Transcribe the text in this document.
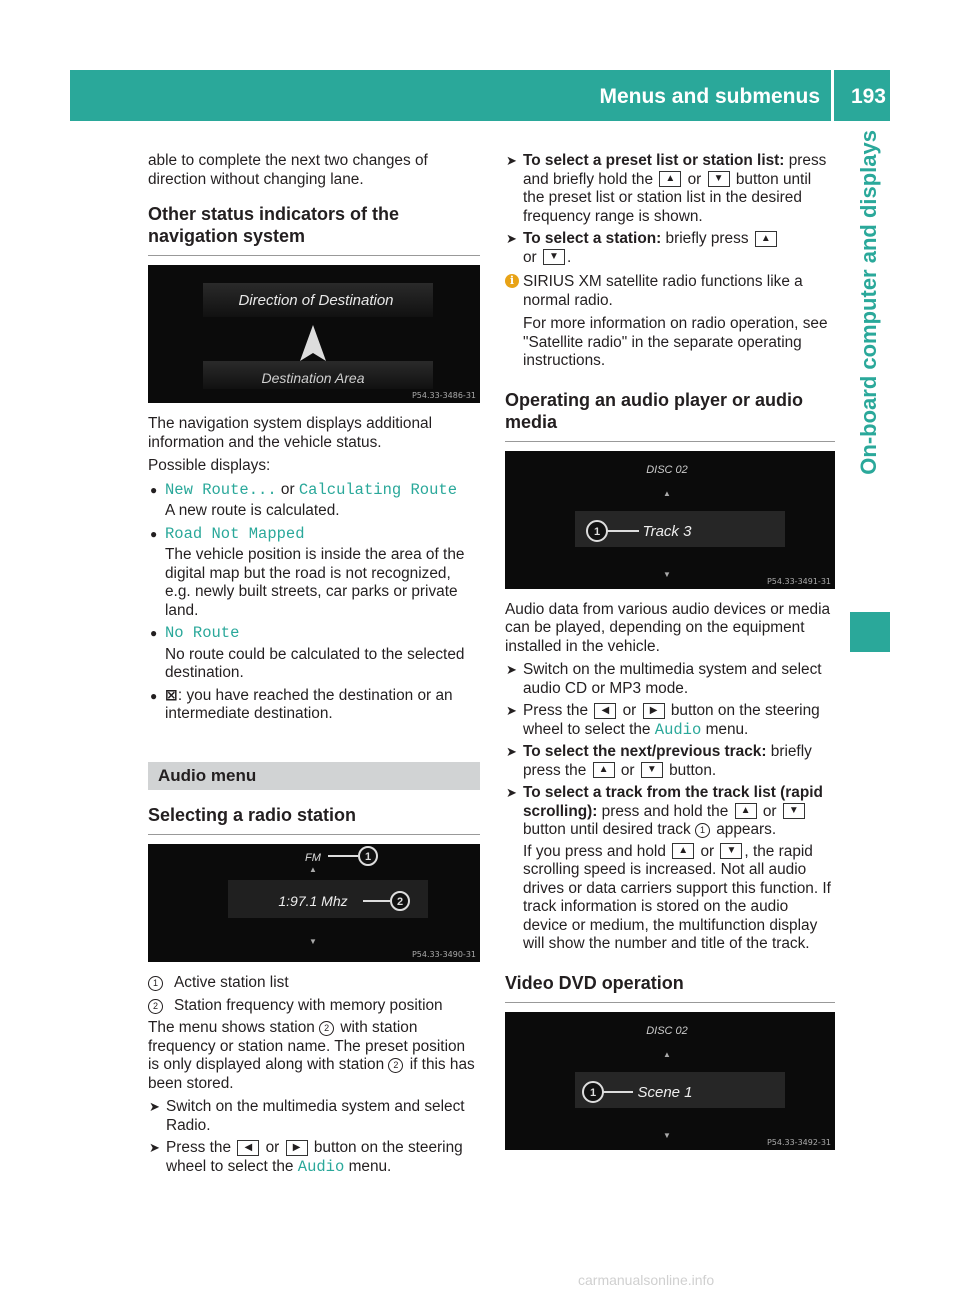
Menus and submenus 193
On-board computer and displays

able to complete the next two changes of direction without changing lane.

Other status indicators of the navigation system
Direction of Destination
Destination Area
P54.33-3486-31

The navigation system displays additional information and the vehicle status.

Possible displays:

● New Route... or Calculating Route
A new route is calculated.
● Road Not Mapped
The vehicle position is inside the area of the digital map but the road is not recognized, e.g. newly built streets, car parks or private land.
● No Route
No route could be calculated to the selected destination.
● ⊠: you have reached the destination or an intermediate destination.
Audio menu
Selecting a radio station
FM	1
▲
1:97.1 Mhz	2
▼
P54.33-3490-31
1	Active station list
2	Station frequency with memory position

The menu shows station 2 with station frequency or station name. The preset position is only displayed along with station 2 if this has been stored.

➤ Switch on the multimedia system and select Radio.
➤ Press the ◀ or ▶ button on the steering wheel to select the Audio menu.
➤ To select a preset list or station list: press and briefly hold the ▲ or ▼ button until the preset list or station list in the desired frequency range is shown.
➤ To select a station: briefly press ▲
or ▼ .
i SIRIUS XM satellite radio functions like a normal radio.

For more information on radio operation, see "Satellite radio" in the separate operating instructions.

Operating an audio player or audio media
DISC 02
▲
1	Track 3
▼
P54.33-3491-31

Audio data from various audio devices or media can be played, depending on the equipment installed in the vehicle.

➤ Switch on the multimedia system and select audio CD or MP3 mode.
➤ Press the ◀ or ▶ button on the steering wheel to select the Audio menu.
➤ To select the next/previous track: briefly press the ▲ or ▼ button.
➤ To select a track from the track list (rapid scrolling): press and hold the ▲ or ▼ button until desired track 1 appears.

If you press and hold ▲ or ▼ , the rapid scrolling speed is increased. Not all audio drives or data carriers support this function. If track information is stored on the audio device or medium, the multifunction display will show the number and title of the track.

Video DVD operation
DISC 02
▲
1	Scene 1
▼
P54.33-3492-31
carmanualsonline.info
